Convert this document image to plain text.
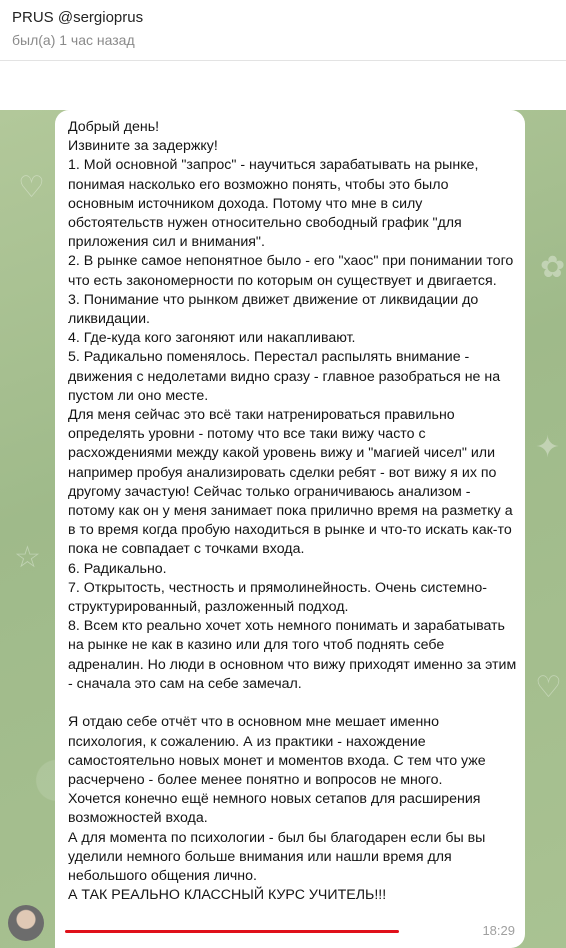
PRUS @sergioprus
был(а) 1 час назад
✿
✦
♡
☆
♡
Добрый день!
Извините за задержку!
1. Мой основной "запрос" - научиться зарабатывать на рынке, понимая насколько его возможно понять, чтобы это было основным источником дохода. Потому что мне в силу обстоятельств нужен относительно свободный график "для приложения сил и внимания".
2. В рынке самое непонятное было - его "хаос" при понимании того что есть закономерности по которым он существует и двигается.
3. Понимание что рынком движет движение от ликвидации до ликвидации.
4. Где-куда кого загоняют или накапливают.
5. Радикально поменялось. Перестал распылять внимание - движения с недолетами видно сразу - главное разобраться не на пустом ли оно месте.
Для меня сейчас это всё таки натренироваться правильно определять уровни - потому что все таки вижу часто с расхождениями между какой уровень вижу и "магией чисел" или например пробуя анализировать сделки ребят - вот вижу я их по другому зачастую! Сейчас только ограничиваюсь анализом - потому как он у меня занимает пока прилично время на разметку а в то время когда пробую находиться в рынке и что-то искать как-то пока не совпадает с точками входа.
6. Радикально.
7. Открытость, честность и прямолинейность. Очень системно-структурированный, разложенный подход.
8. Всем кто реально хочет хоть немного понимать и зарабатывать на рынке не как в казино или для того чтоб поднять себе адреналин. Но люди в основном что вижу приходят именно за этим - сначала это сам на себе замечал.

Я отдаю себе отчёт что в основном мне мешает именно психология, к сожалению. А из практики - нахождение самостоятельно новых монет и моментов входа. С тем что уже расчерчено - более менее понятно и вопросов не много.
Хочется конечно ещё немного новых сетапов для расширения возможностей входа.
А для момента по психологии - был бы благодарен если бы вы уделили немного больше внимания или нашли время для небольшого общения лично.
А ТАК РЕАЛЬНО КЛАССНЫЙ КУРС УЧИТЕЛЬ!!!
18:29
